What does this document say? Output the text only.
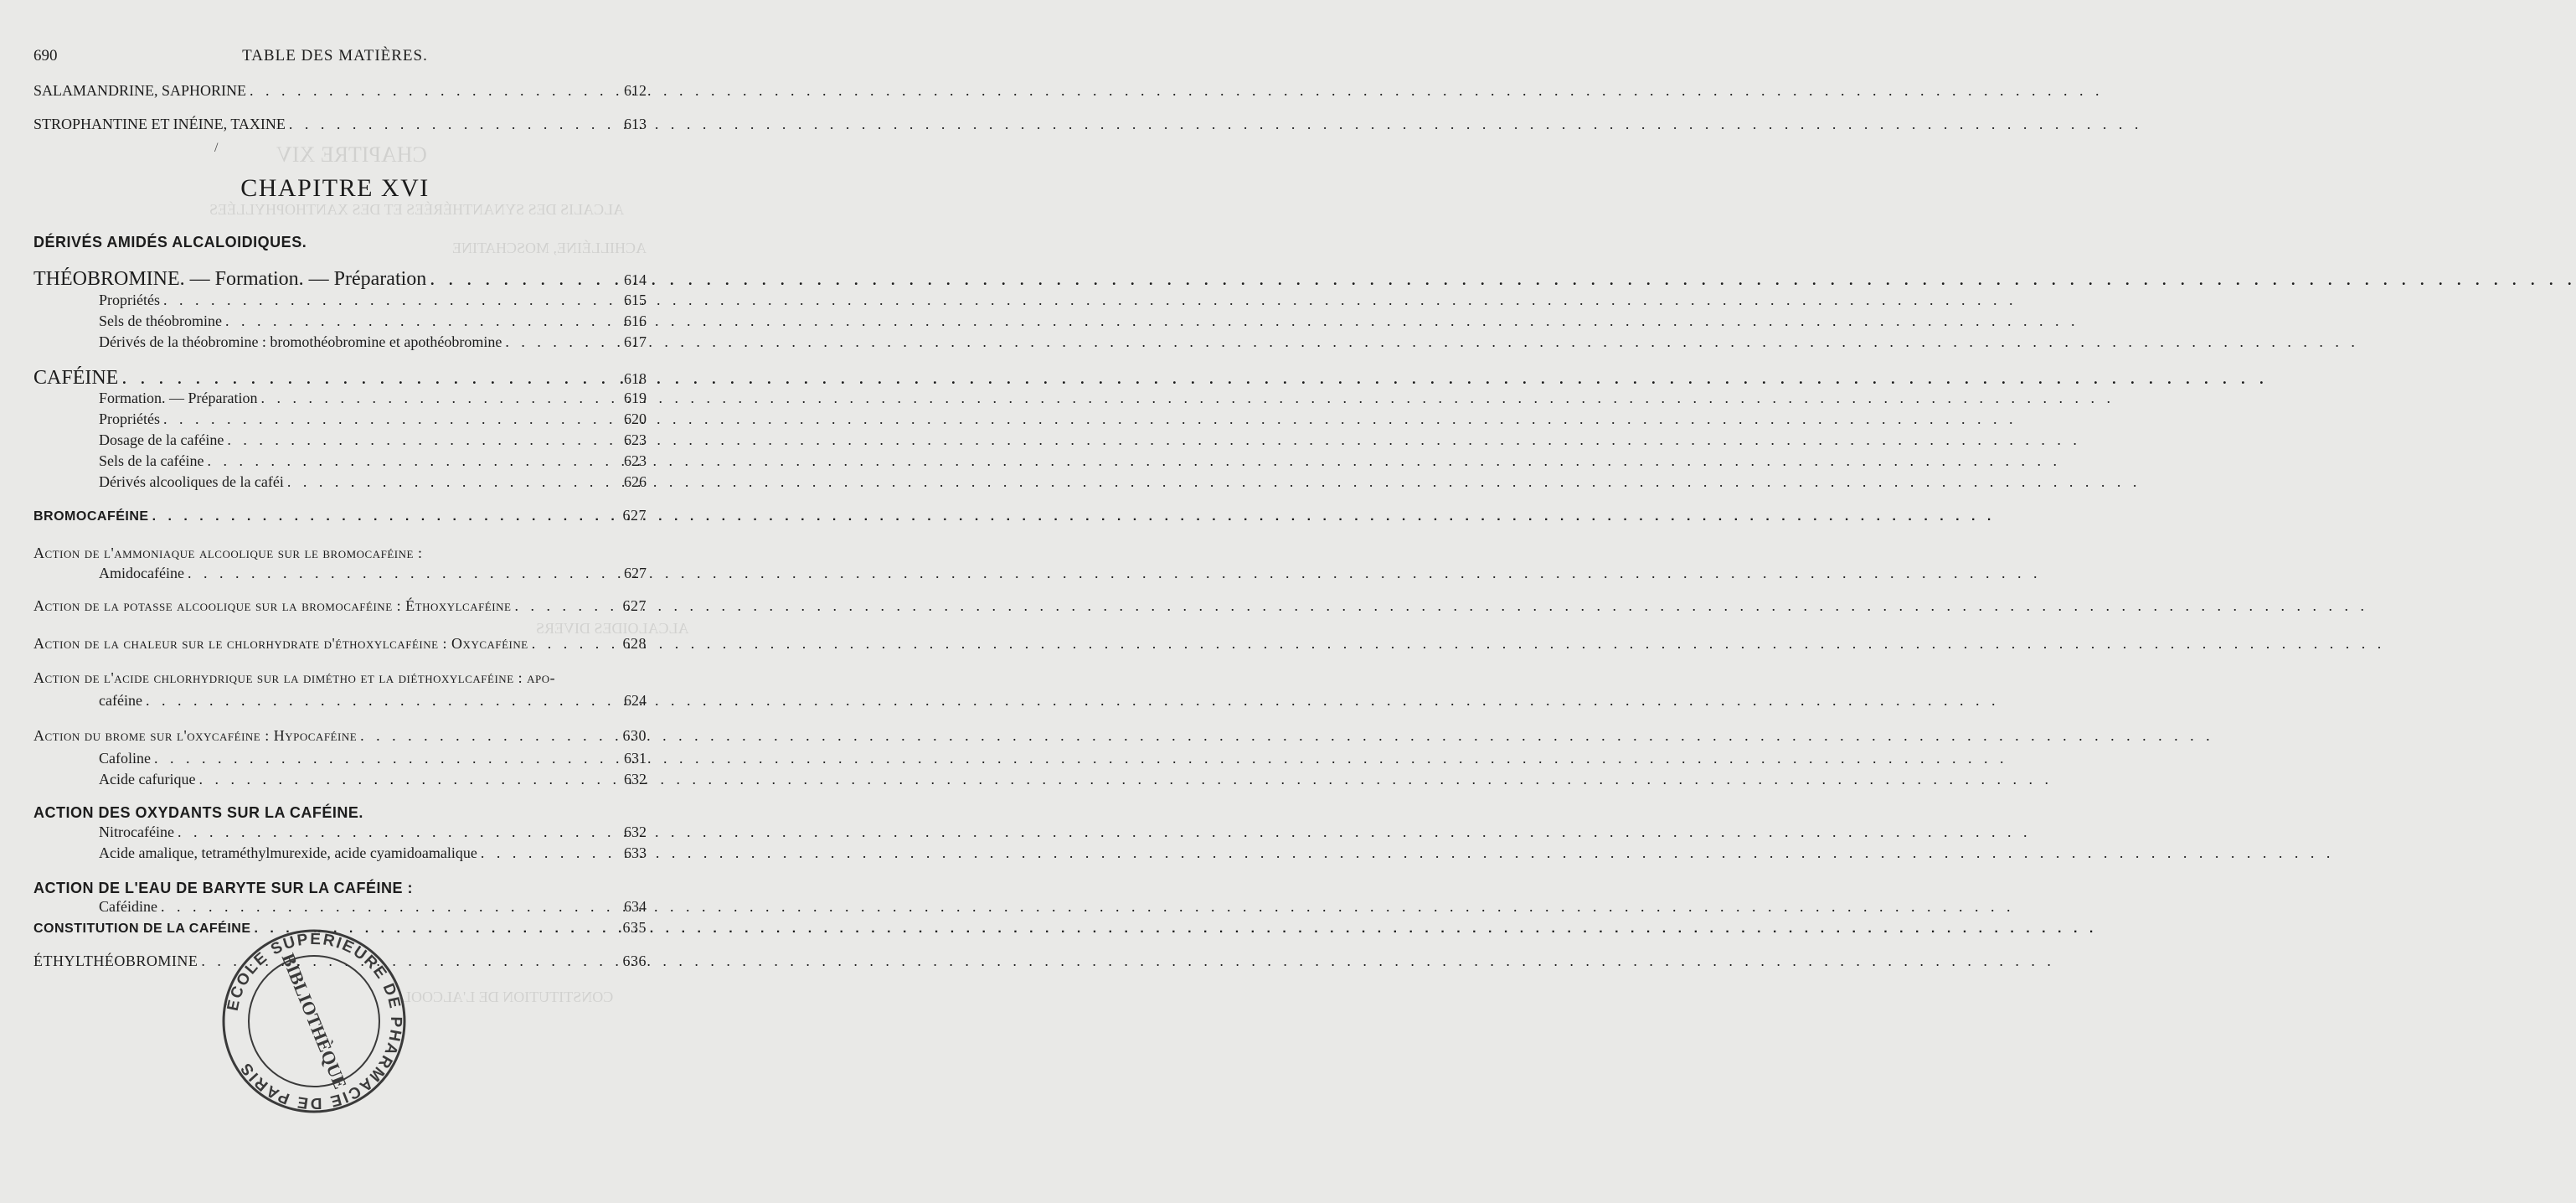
CHAPITRE XIV
ALCALIS DES SYNANTHÉRÉES ET DES XANTHOPHYLLÉES
ACHILLÉINE, MOSCHATINE
ALCALOIDES DIVERS
CONSTITUTION DE L'ALCOOL
690	TABLE DES MATIÈRES.
SALAMANDRINE, SAPHORINE . . .	612
STROPHANTINE ET INÉINE, TAXINE . . .	613
/
CHAPITRE XVI
DÉRIVÉS AMIDÉS ALCALOIDIQUES.
THÉOBROMINE. — Formation. — Préparation . . .	614
Propriétés . . .	615
Sels de théobromine . . .	616
Dérivés de la théobromine : bromothéobromine et apothéobromine . . .	617
CAFÉINE . . .	618
Formation. — Préparation . . .	619
Propriétés . . .	620
Dosage de la caféine . . .	623
Sels de la caféine . . .	623
Dérivés alcooliques de la caféi . . .	626
BROMOCAFÉINE . . .	627
Action de l'ammoniaque alcoolique sur le bromocaféine :
Amidocaféine . . .	627
Action de la potasse alcoolique sur la bromocaféine : Éthoxylcaféine . . .	627
Action de la chaleur sur le chlorhydrate d'éthoxylcaféine : Oxycaféine . . .	628
Action de l'acide chlorhydrique sur la diméthо et la diéthoxylcaféine : apo-
caféine . . .	624
Action du brome sur l'oxycaféine : Hypocaféine . . .	630
Cafoline . . .	631
Acide cafurique . . .	632
ACTION DES OXYDANTS SUR LA CAFÉINE.
Nitrocaféine . . .	632
Acide amalique, tetraméthylmurexide, acide cyamidoamalique . . .	633
ACTION DE L'EAU DE BARYTE SUR LA CAFÉINE :
Caféidine . . .	634
CONSTITUTION DE LA CAFÉINE . . .	635
ÉTHYLTHÉOBROMINE . . .	636
ÉCOLE SUPÉRIEURE DE PHARMACIE DE PARIS	BIBLIOTHÈQUE
